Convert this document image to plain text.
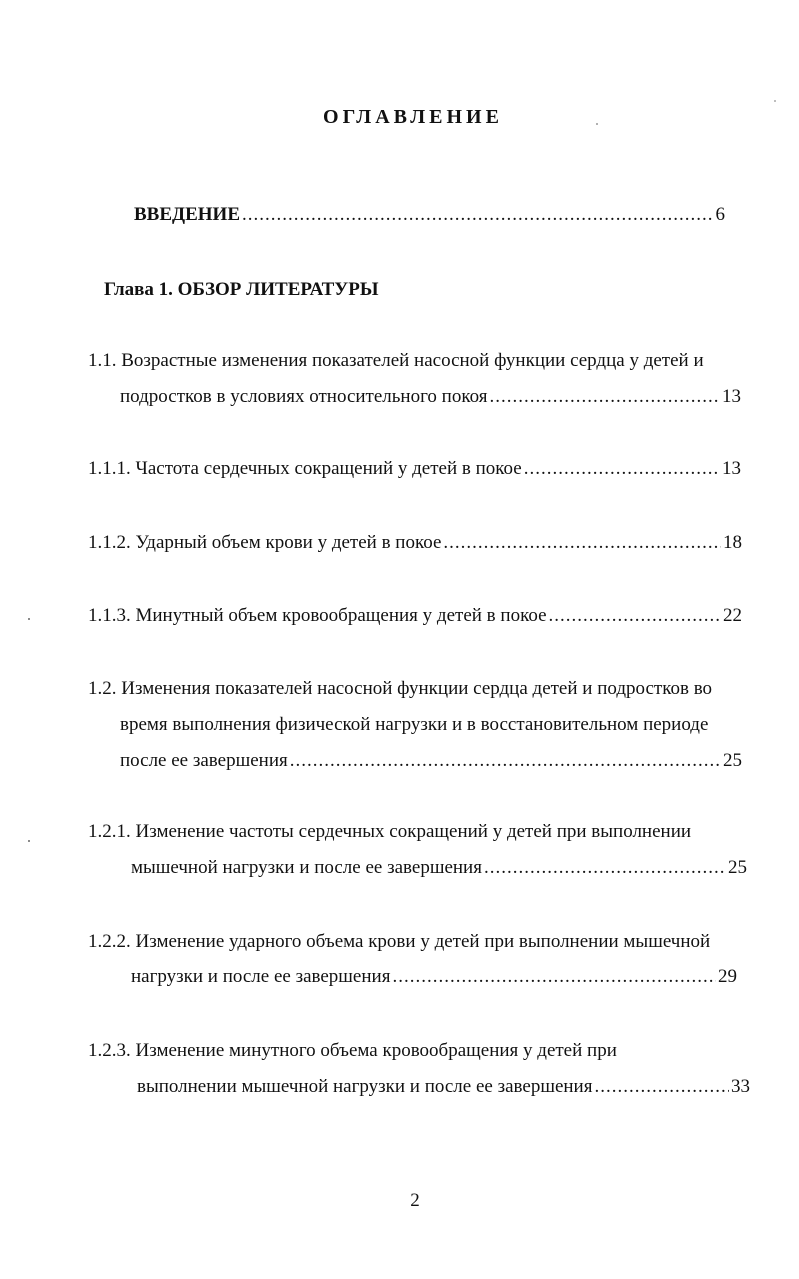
ОГЛАВЛЕНИЕ
ВВЕДЕНИЕ .....	6
Глава 1. ОБЗОР ЛИТЕРАТУРЫ
1.1. Возрастные изменения показателей насосной функции сердца у детей и
подростков в условиях относительного покоя .....	13
1.1.1. Частота сердечных сокращений у детей в покое .....	13
1.1.2. Ударный объем крови у детей в покое .....	18
1.1.3. Минутный объем кровообращения у детей в покое .....	22
1.2. Изменения показателей насосной функции сердца детей и подростков во
время выполнения физической нагрузки и в восстановительном периоде
после ее завершения .....	25
1.2.1. Изменение частоты сердечных сокращений у детей при выполнении
мышечной нагрузки и после ее завершения .....	25
1.2.2. Изменение ударного объема крови у детей при выполнении мышечной
нагрузки и после ее завершения .....	29
1.2.3. Изменение минутного объема кровообращения у детей при
выполнении мышечной нагрузки и после ее завершения .....	33
2
